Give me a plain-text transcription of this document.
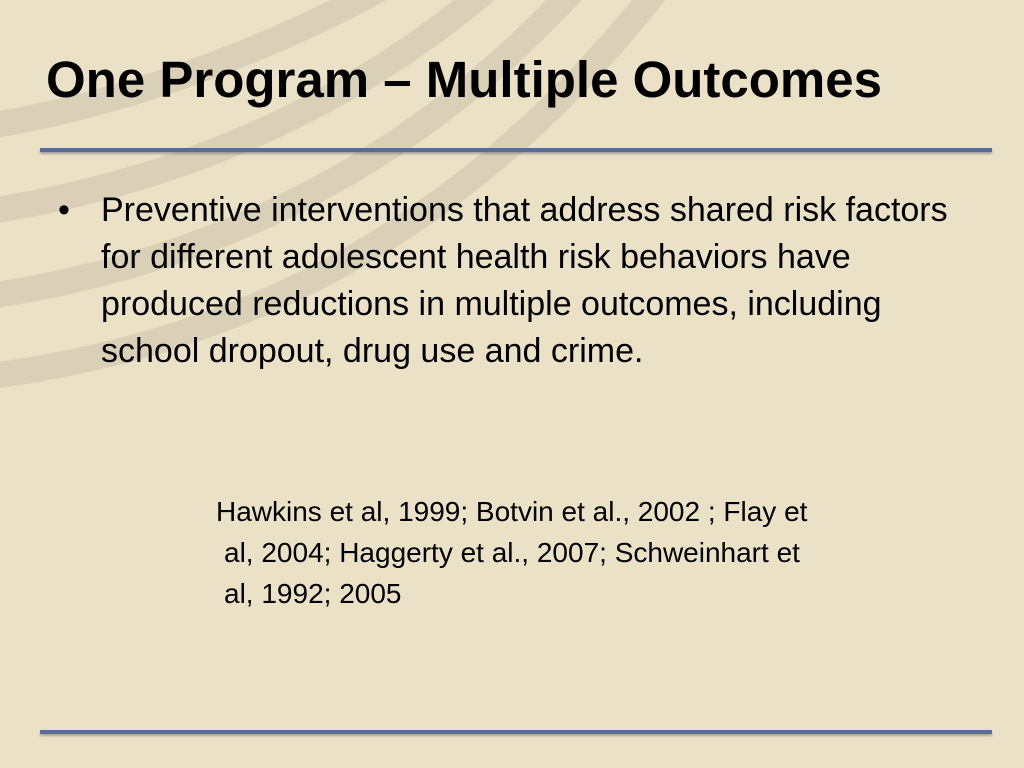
One Program – Multiple Outcomes
• Preventive interventions that address shared risk factors for different adolescent health risk behaviors have produced reductions in multiple outcomes, including school dropout, drug use and crime.

Hawkins et al, 1999; Botvin et al., 2002 ; Flay et
al, 2004; Haggerty et al., 2007; Schweinhart et
al, 1992; 2005
